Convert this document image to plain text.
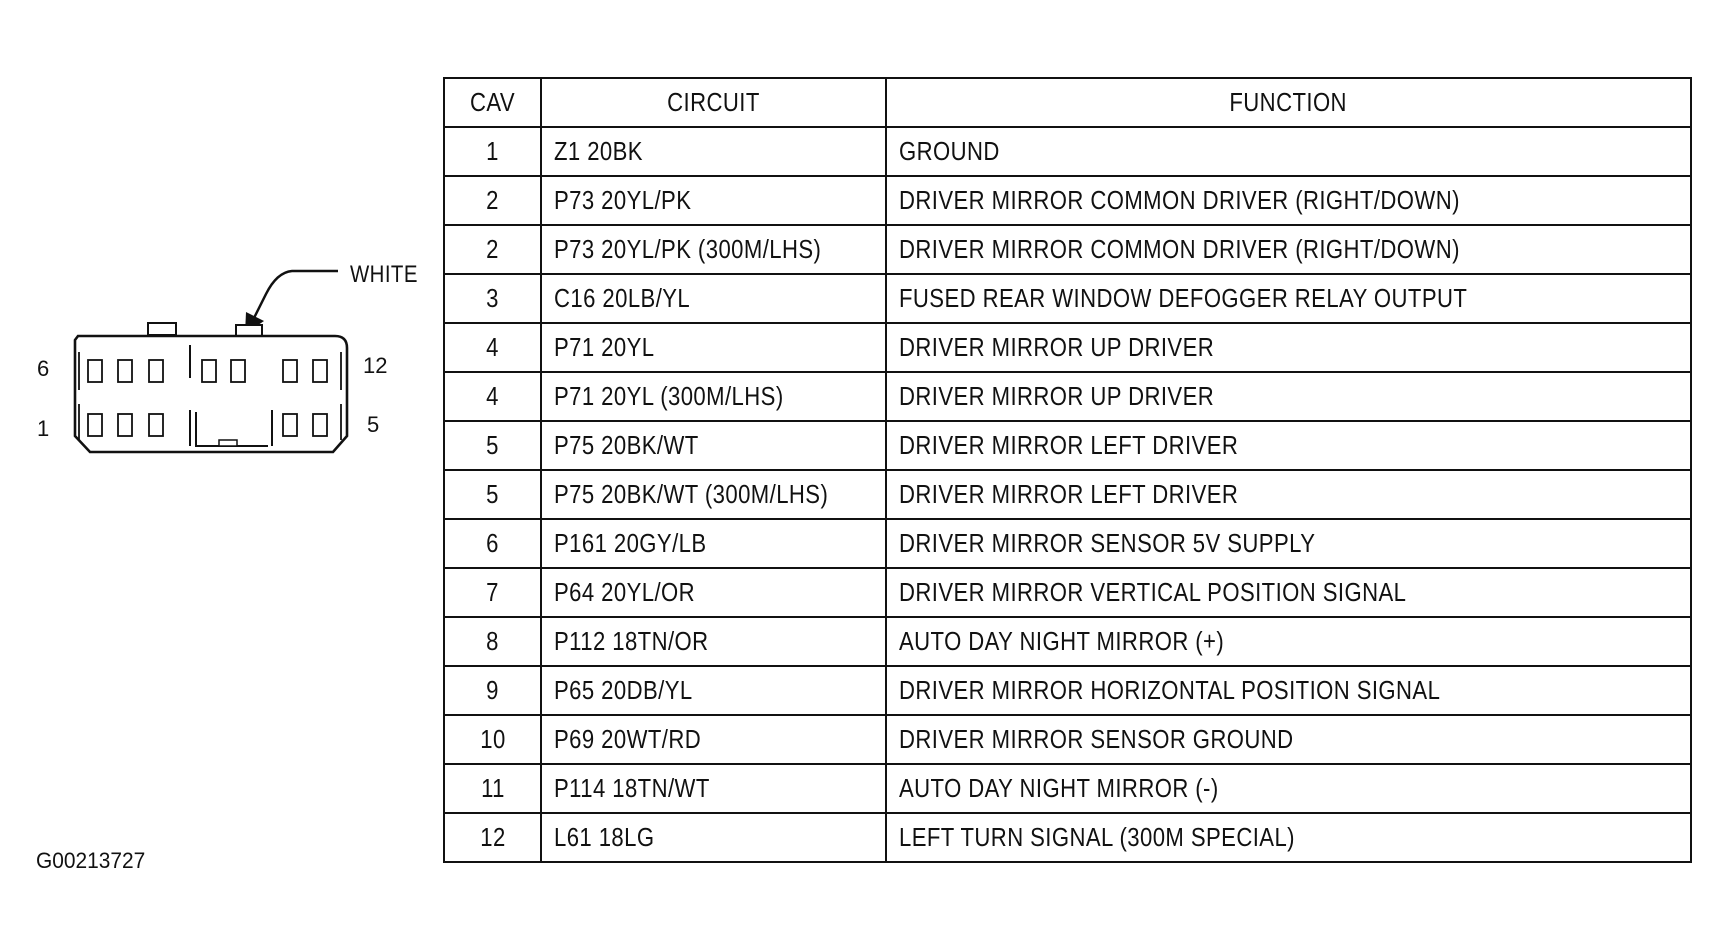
WHITE
6	12
1	5
G00213727
CAV	CIRCUIT	FUNCTION
1	Z1 20BK	GROUND
2	P73 20YL/PK	DRIVER MIRROR COMMON DRIVER (RIGHT/DOWN)
2	P73 20YL/PK (300M/LHS)	DRIVER MIRROR COMMON DRIVER (RIGHT/DOWN)
3	C16 20LB/YL	FUSED REAR WINDOW DEFOGGER RELAY OUTPUT
4	P71 20YL	DRIVER MIRROR UP DRIVER
4	P71 20YL (300M/LHS)	DRIVER MIRROR UP DRIVER
5	P75 20BK/WT	DRIVER MIRROR LEFT DRIVER
5	P75 20BK/WT (300M/LHS)	DRIVER MIRROR LEFT DRIVER
6	P161 20GY/LB	DRIVER MIRROR SENSOR 5V SUPPLY
7	P64 20YL/OR	DRIVER MIRROR VERTICAL POSITION SIGNAL
8	P112 18TN/OR	AUTO DAY NIGHT MIRROR (+)
9	P65 20DB/YL	DRIVER MIRROR HORIZONTAL POSITION SIGNAL
10	P69 20WT/RD	DRIVER MIRROR SENSOR GROUND
11	P114 18TN/WT	AUTO DAY NIGHT MIRROR (-)
12	L61 18LG	LEFT TURN SIGNAL (300M SPECIAL)
